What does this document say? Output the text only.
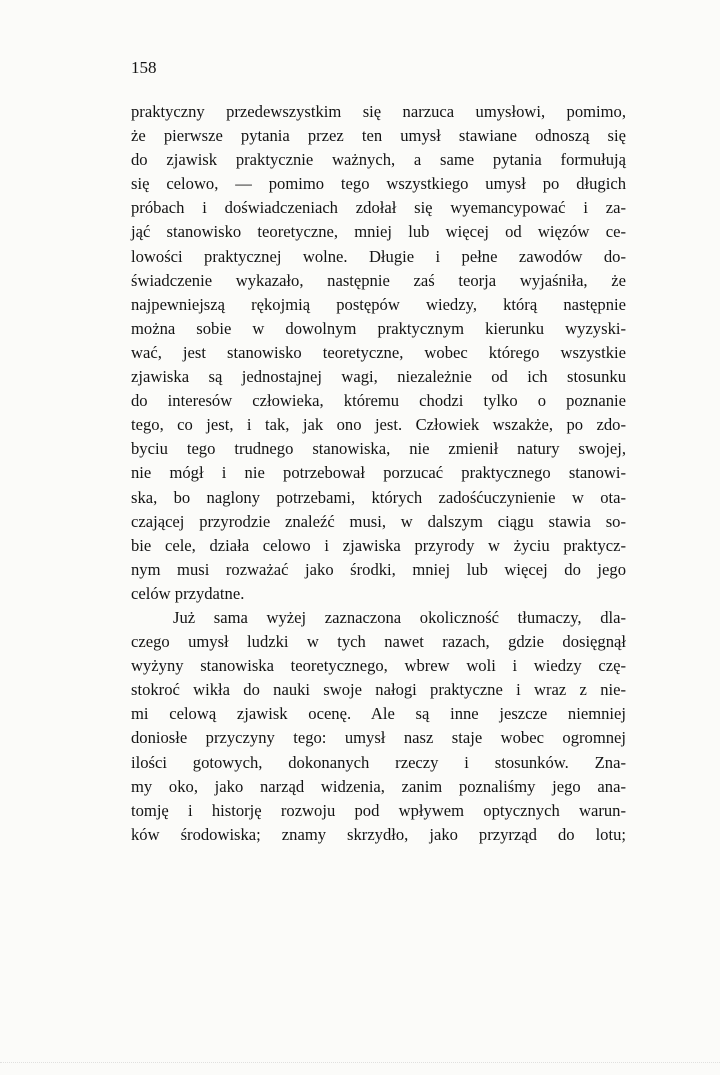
158
praktyczny przedewszystkim się narzuca umysłowi, pomimo,
że pierwsze pytania przez ten umysł stawiane odnoszą się
do zjawisk praktycznie ważnych, a same pytania formułują
się celowo, — pomimo tego wszystkiego umysł po długich
próbach i doświadczeniach zdołał się wyemancypować i za-
jąć stanowisko teoretyczne, mniej lub więcej od więzów ce-
lowości praktycznej wolne. Długie i pełne zawodów do-
świadczenie wykazało, następnie zaś teorja wyjaśniła, że
najpewniejszą rękojmią postępów wiedzy, którą następnie
można sobie w dowolnym praktycznym kierunku wyzyski-
wać, jest stanowisko teoretyczne, wobec którego wszystkie
zjawiska są jednostajnej wagi, niezależnie od ich stosunku
do interesów człowieka, któremu chodzi tylko o poznanie
tego, co jest, i tak, jak ono jest. Człowiek wszakże, po zdo-
byciu tego trudnego stanowiska, nie zmienił natury swojej,
nie mógł i nie potrzebował porzucać praktycznego stanowi-
ska, bo naglony potrzebami, których zadośćuczynienie w ota-
czającej przyrodzie znaleźć musi, w dalszym ciągu stawia so-
bie cele, działa celowo i zjawiska przyrody w życiu praktycz-
nym musi rozważać jako środki, mniej lub więcej do jego
celów przydatne.
Już sama wyżej zaznaczona okoliczność tłumaczy, dla-
czego umysł ludzki w tych nawet razach, gdzie dosięgnął
wyżyny stanowiska teoretycznego, wbrew woli i wiedzy czę-
stokroć wikła do nauki swoje nałogi praktyczne i wraz z nie-
mi celową zjawisk ocenę. Ale są inne jeszcze niemniej
doniosłe przyczyny tego: umysł nasz staje wobec ogromnej
ilości gotowych, dokonanych rzeczy i stosunków. Zna-
my oko, jako narząd widzenia, zanim poznaliśmy jego ana-
tomję i historję rozwoju pod wpływem optycznych warun-
ków środowiska; znamy skrzydło, jako przyrząd do lotu;
